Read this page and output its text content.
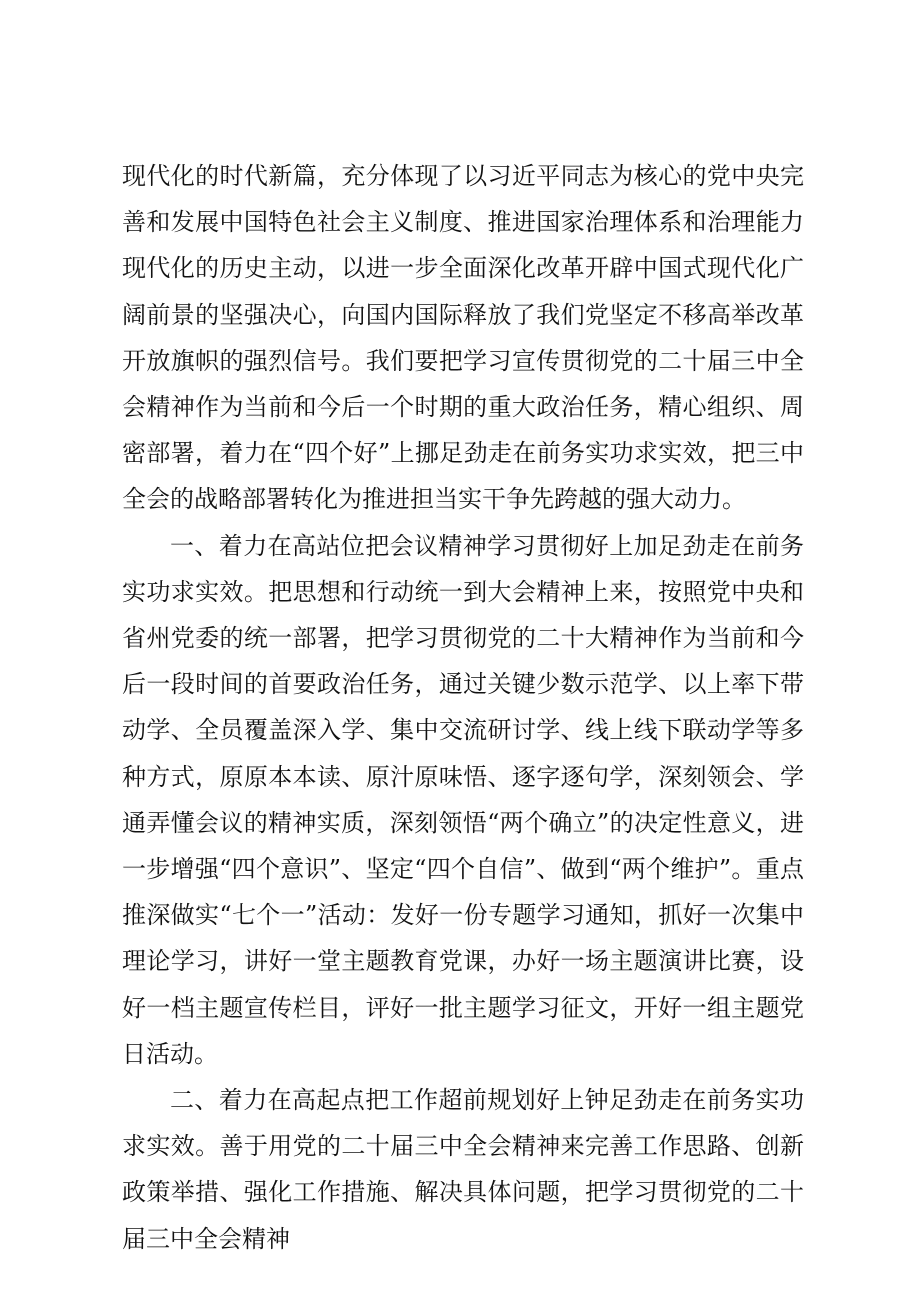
现代化的时代新篇，充分体现了以习近平同志为核心的党中央完善和发展中国特色社会主义制度、推进国家治理体系和治理能力现代化的历史主动，以进一步全面深化改革开辟中国式现代化广阔前景的坚强决心，向国内国际释放了我们党坚定不移高举改革开放旗帜的强烈信号。我们要把学习宣传贯彻党的二十届三中全会精神作为当前和今后一个时期的重大政治任务，精心组织、周密部署，着力在“四个好”上挪足劲走在前务实功求实效，把三中全会的战略部署转化为推进担当实干争先跨越的强大动力。

一、着力在高站位把会议精神学习贯彻好上加足劲走在前务实功求实效。把思想和行动统一到大会精神上来，按照党中央和省州党委的统一部署，把学习贯彻党的二十大精神作为当前和今后一段时间的首要政治任务，通过关键少数示范学、以上率下带动学、全员覆盖深入学、集中交流研讨学、线上线下联动学等多种方式，原原本本读、原汁原味悟、逐字逐句学，深刻领会、学通弄懂会议的精神实质，深刻领悟“两个确立”的决定性意义，进一步增强“四个意识”、坚定“四个自信”、做到“两个维护”。重点推深做实“七个一”活动：发好一份专题学习通知，抓好一次集中理论学习，讲好一堂主题教育党课，办好一场主题演讲比赛，设好一档主题宣传栏目，评好一批主题学习征文，开好一组主题党日活动。

二、着力在高起点把工作超前规划好上钟足劲走在前务实功求实效。善于用党的二十届三中全会精神来完善工作思路、创新政策举措、强化工作措施、解决具体问题，把学习贯彻党的二十届三中全会精神
